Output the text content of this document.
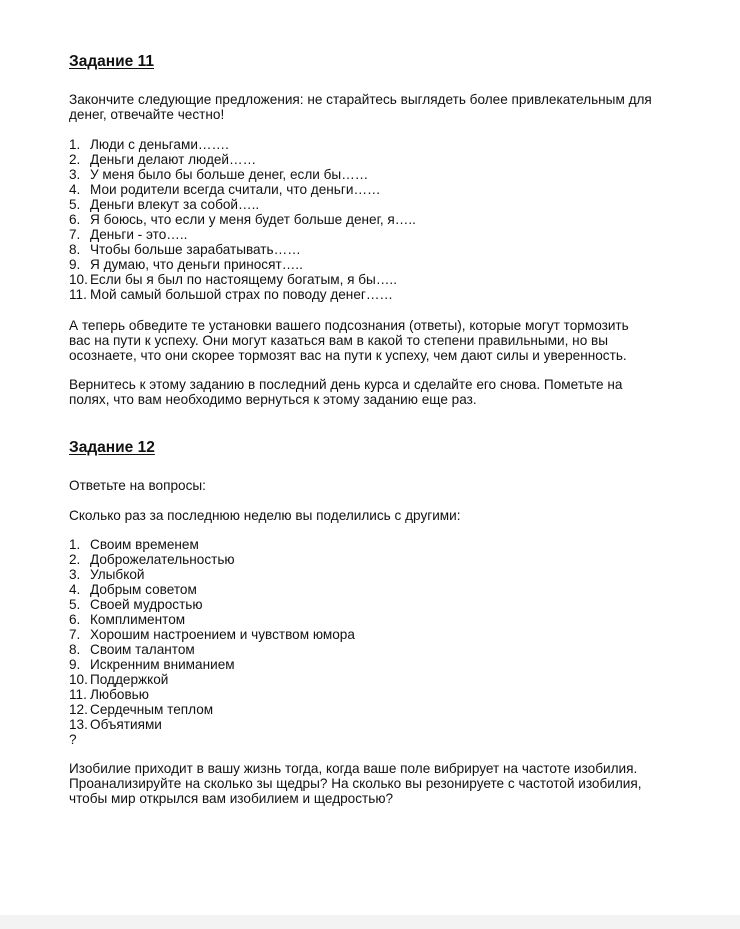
Задание 11
Закончите следующие предложения: не старайтесь выглядеть более привлекательным для
денег, отвечайте честно!
1. Люди с деньгами…….
2. Деньги делают людей……
3. У меня было бы больше денег, если бы……
4. Мои родители всегда считали, что деньги……
5. Деньги влекут за собой…..
6. Я боюсь, что если у меня будет больше денег, я…..
7. Деньги - это…..
8. Чтобы больше зарабатывать……
9. Я думаю, что деньги приносят…..
10. Если бы я был по настоящему богатым, я бы…..
11. Мой самый большой страх по поводу денег……
А теперь обведите те установки вашего подсознания (ответы), которые могут тормозить
вас на пути к успеху. Они могут казаться вам в какой то степени правильными, но вы
осознаете, что они скорее тормозят вас на пути к успеху, чем дают силы и уверенность.
Вернитесь к этому заданию в последний день курса и сделайте его снова. Пометьте на
полях, что вам необходимо вернуться к этому заданию еще раз.
Задание 12
Ответьте на вопросы:
Сколько раз за последнюю неделю вы поделились с другими:
1. Своим временем
2. Доброжелательностью
3. Улыбкой
4. Добрым советом
5. Своей мудростью
6. Комплиментом
7. Хорошим настроением и чувством юмора
8. Своим талантом
9. Искренним вниманием
10. Поддержкой
11. Любовью
12. Сердечным теплом
13. Объятиями
?
Изобилие приходит в вашу жизнь тогда, когда ваше поле вибрирует на частоте изобилия.
Проанализируйте на сколько зы щедры? На сколько вы резонируете с частотой изобилия,
чтобы мир открылся вам изобилием и щедростью?
